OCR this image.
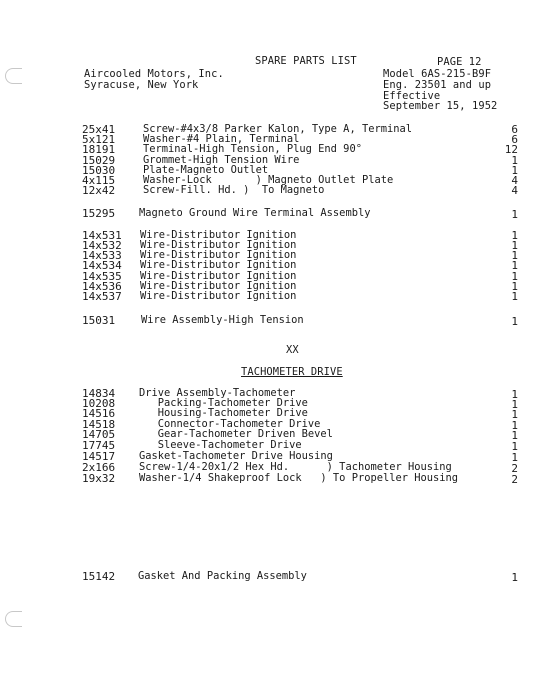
SPARE PARTS LIST	PAGE 12
Aircooled Motors, Inc.	Model 6AS-215-B9F
Syracuse, New York	Eng. 23501 and up
Effective
September 15, 1952
25x41	Screw-#4x3/8 Parker Kalon, Type A, Terminal	6
5x121	Washer-#4 Plain, Terminal	6
18191	Terminal-High Tension, Plug End 90°	12
15029	Grommet-High Tension Wire	1
15030	Plate-Magneto Outlet	1
4x115	Washer-Lock       ) Magneto Outlet Plate	4
12x42	Screw-Fill. Hd. )  To Magneto	4
15295 Magneto Ground Wire Terminal Assembly	1
14x531 Wire-Distributor Ignition	1
14x532 Wire-Distributor Ignition	1
14x533 Wire-Distributor Ignition	1
14x534 Wire-Distributor Ignition	1
14x535 Wire-Distributor Ignition	1
14x536 Wire-Distributor Ignition	1
14x537 Wire-Distributor Ignition	1
15031 Wire Assembly-High Tension	1
XX
TACHOMETER DRIVE
14834 Drive Assembly-Tachometer	1
10208 Packing-Tachometer Drive	1
14516 Housing-Tachometer Drive	1
14518 Connector-Tachometer Drive	1
14705 Gear-Tachometer Driven Bevel	1
17745 Sleeve-Tachometer Drive	1
14517 Gasket-Tachometer Drive Housing	1
2x166 Screw-1/4-20x1/2 Hex Hd.      ) Tachometer Housing	2
19x32 Washer-1/4 Shakeproof Lock   ) To Propeller Housing	2
15142 Gasket And Packing Assembly	1
